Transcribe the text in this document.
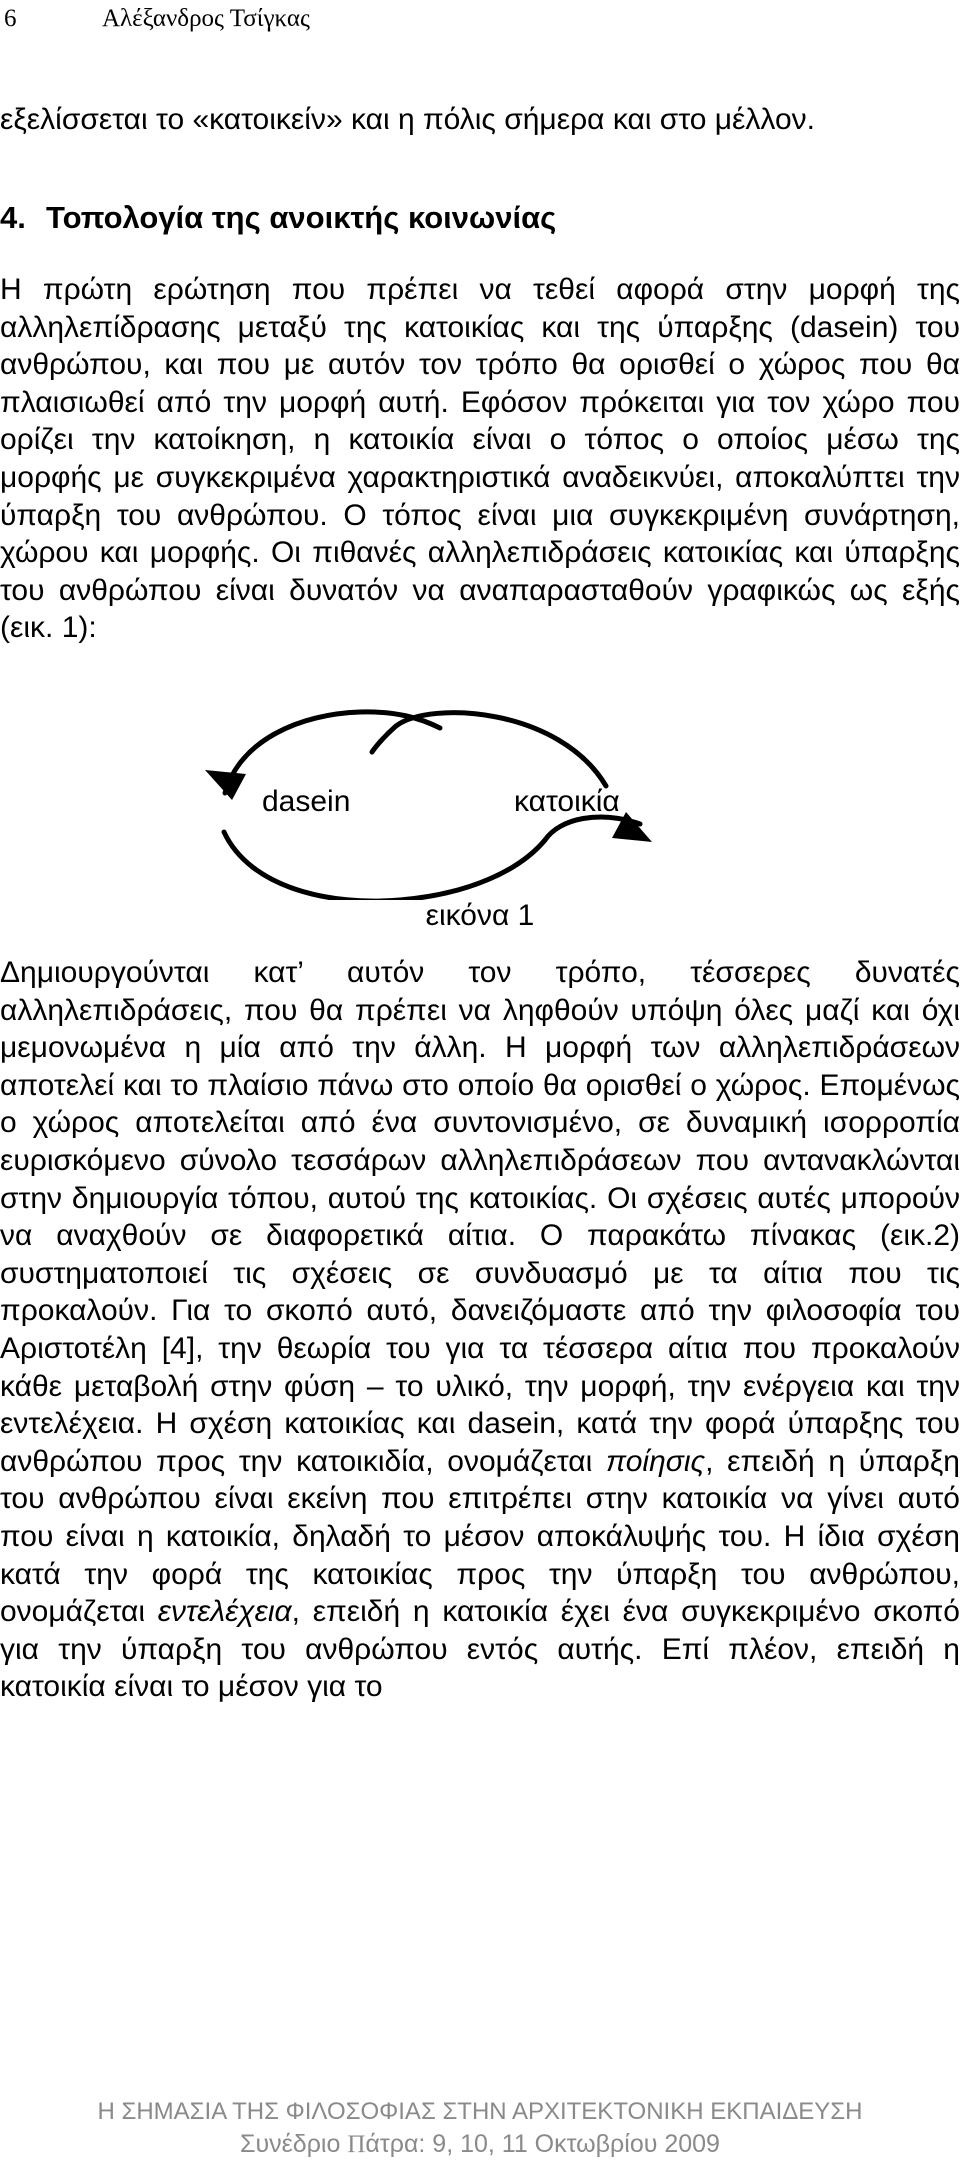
6	Αλέξανδρος Τσίγκας

εξελίσσεται το «κατοικείν» και η πόλις σήμερα και στο μέλλον.

4. Τοπολογία της ανοικτής κοινωνίας

Η πρώτη ερώτηση που πρέπει να τεθεί αφορά στην μορφή της αλληλεπίδρασης μεταξύ της κατοικίας και της ύπαρξης (dasein) του ανθρώπου, και που με αυτόν τον τρόπο θα ορισθεί ο χώρος που θα πλαισιωθεί από την μορφή αυτή. Εφόσον πρόκειται για τον χώρο που ορίζει την κατοίκηση, η κατοικία είναι ο τόπος ο οποίος μέσω της μορφής με συγκεκριμένα χαρακτηριστικά αναδεικνύει, αποκαλύπτει την ύπαρξη του ανθρώπου. Ο τόπος είναι μια συγκεκριμένη συνάρτηση, χώρου και μορφής. Οι πιθανές αλληλεπιδράσεις κατοικίας και ύπαρξης του ανθρώπου είναι δυνατόν να αναπαρασταθούν γραφικώς ως εξής (εικ. 1):

dasein	κατοικία
εικόνα 1

Δημιουργούνται κατ’ αυτόν τον τρόπο, τέσσερες δυνατές αλληλεπιδράσεις, που θα πρέπει να ληφθούν υπόψη όλες μαζί και όχι μεμονωμένα η μία από την άλλη. Η μορφή των αλληλεπιδράσεων αποτελεί και το πλαίσιο πάνω στο οποίο θα ορισθεί ο χώρος. Επομένως ο χώρος αποτελείται από ένα συντονισμένο, σε δυναμική ισορροπία ευρισκόμενο σύνολο τεσσάρων αλληλεπιδράσεων που αντανακλώνται στην δημιουργία τόπου, αυτού της κατοικίας. Οι σχέσεις αυτές μπορούν να αναχθούν σε διαφορετικά αίτια. Ο παρακάτω πίνακας (εικ.2) συστηματοποιεί τις σχέσεις σε συνδυασμό με τα αίτια που τις προκαλούν. Για το σκοπό αυτό, δανειζόμαστε από την φιλοσοφία του Αριστοτέλη [4], την θεωρία του για τα τέσσερα αίτια που προκαλούν κάθε μεταβολή στην φύση – το υλικό, την μορφή, την ενέργεια και την εντελέχεια. Η σχέση κατοικίας και dasein, κατά την φορά ύπαρξης του ανθρώπου προς την κατοικιδία, ονομάζεται ποίησις, επειδή η ύπαρξη του ανθρώπου είναι εκείνη που επιτρέπει στην κατοικία να γίνει αυτό που είναι η κατοικία, δηλαδή το μέσον αποκάλυψής του. Η ίδια σχέση κατά την φορά της κατοικίας προς την ύπαρξη του ανθρώπου, ονομάζεται εντελέχεια, επειδή η κατοικία έχει ένα συγκεκριμένο σκοπό για την ύπαρξη του ανθρώπου εντός αυτής. Επί πλέον, επειδή η κατοικία είναι το μέσον για το

Η ΣΗΜΑΣΙΑ ΤΗΣ ΦΙΛΟΣΟΦΙΑΣ ΣΤΗΝ ΑΡΧΙΤΕΚΤΟΝΙΚΗ ΕΚΠΑΙΔΕΥΣΗ
Συνέδριο Πάτρα: 9, 10, 11 Οκτωβρίου 2009
